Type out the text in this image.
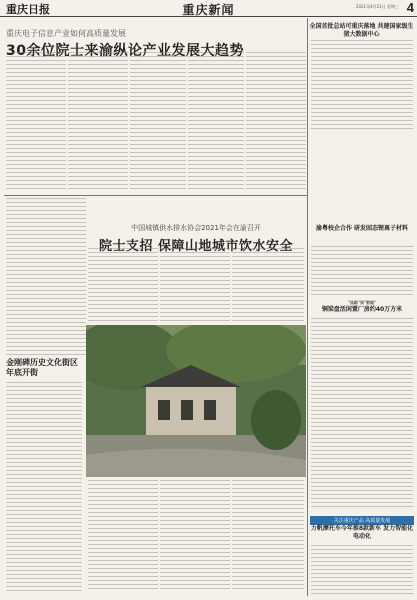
重庆日报	重庆新闻	2021年4月21日 星期三 4
重庆电子信息产业如何高质量发展
30余位院士来渝纵论产业发展大趋势
中国城镇供水排水协会2021年会在渝召开
院士支招 保障山地城市饮水安全
金刚碑历史文化街区年底开街
全国首批总站可重庆落地 共建国家级生猪大数据中心
渝粤校企合作 研发固态锂离子材料
"丝路"到"数路"
铜梁盘活闲置厂房约40万方米
关注重庆产品 高质量发展
力帆摩托车今年推8款新车 发力智能化电动化
